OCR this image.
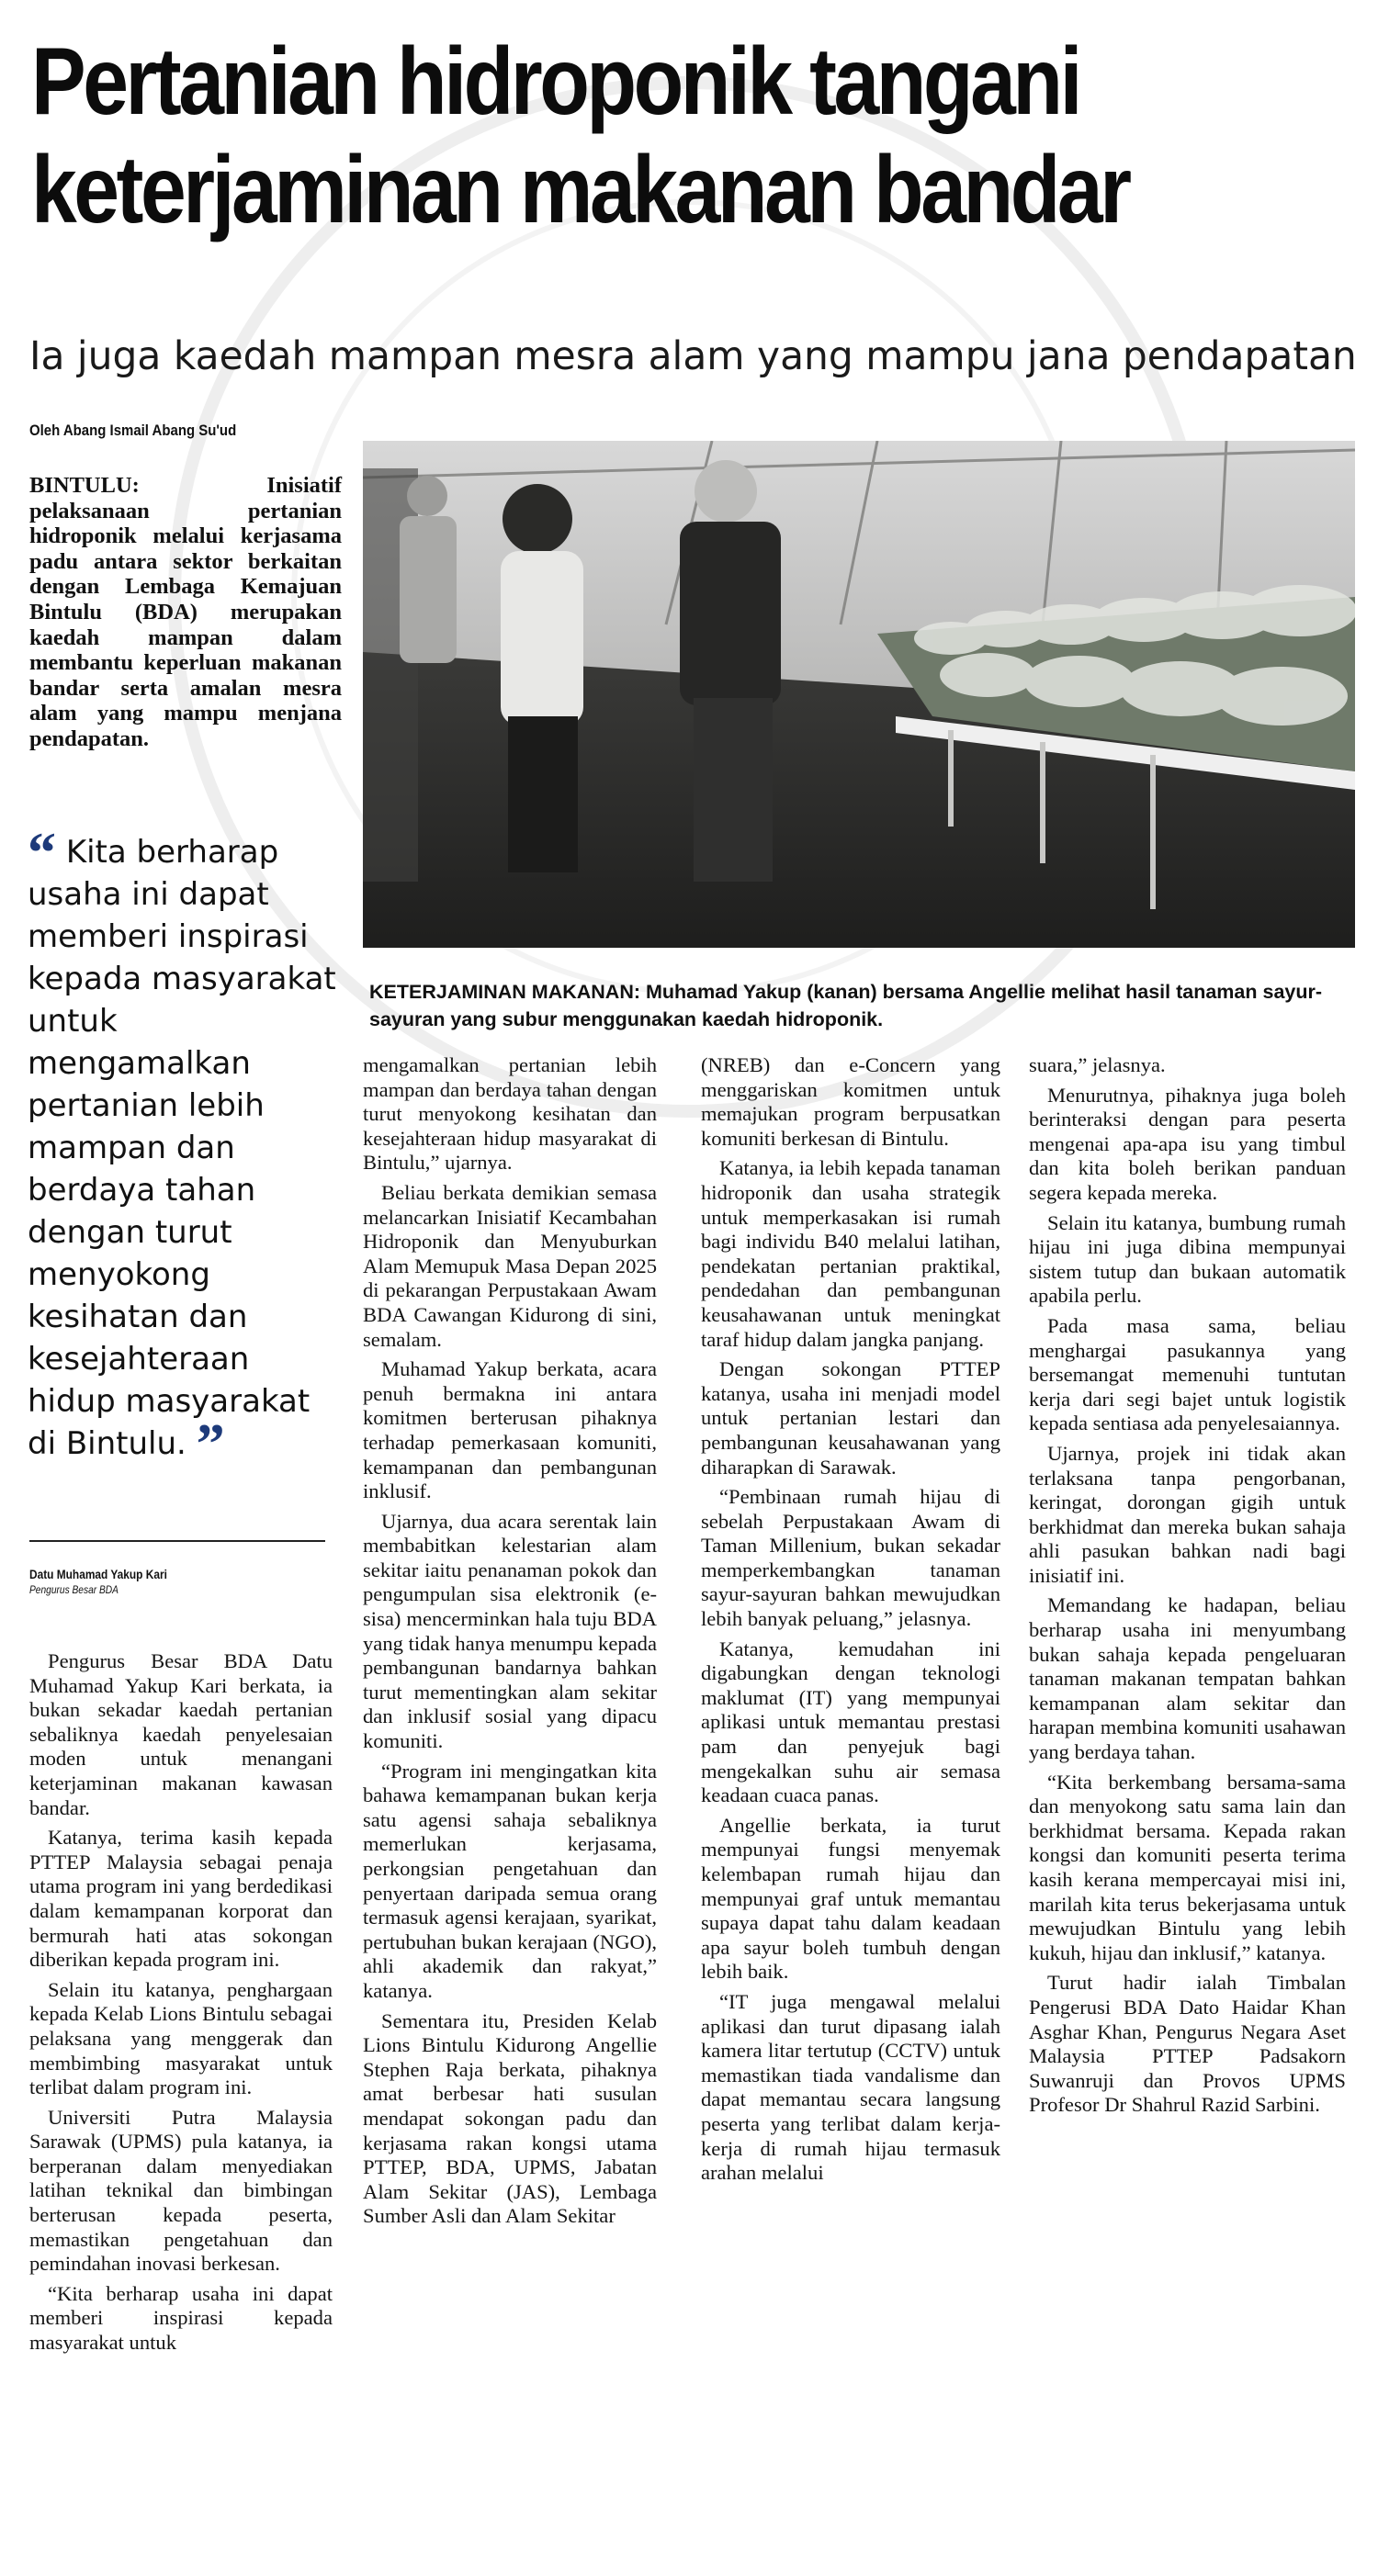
Pertanian hidroponik tangani
keterjaminan makanan bandar
Ia juga kaedah mampan mesra alam yang mampu jana pendapatan
Oleh Abang Ismail Abang Su'ud
BINTULU: Inisiatif pelaksanaan pertanian hidroponik melalui kerjasama padu antara sektor berkaitan dengan Lembaga Kemajuan Bintulu (BDA) merupakan kaedah mampan dalam membantu keperluan makanan bandar serta amalan mesra alam yang mampu menjana pendapatan.
KETERJAMINAN MAKANAN: Muhamad Yakup (kanan) bersama Angellie melihat hasil tanaman sayur-sayuran yang subur menggunakan kaedah hidroponik.
“ Kita berharap usaha ini dapat memberi inspirasi kepada masyarakat untuk mengamalkan pertanian lebih mampan dan berdaya tahan dengan turut menyokong kesihatan dan kesejahteraan hidup masyarakat di Bintulu. ”
Datu Muhamad Yakup Kari
Pengurus Besar BDA

Pengurus Besar BDA Datu Muhamad Yakup Kari berkata, ia bukan sekadar kaedah pertanian sebaliknya kaedah penyelesaian moden untuk menangani keterjaminan makanan kawasan bandar.

Katanya, terima kasih kepada PTTEP Malaysia sebagai penaja utama program ini yang berdedikasi dalam kemampanan korporat dan bermurah hati atas sokongan diberikan kepada program ini.

Selain itu katanya, penghargaan kepada Kelab Lions Bintulu sebagai pelaksana yang menggerak dan membimbing masyarakat untuk terlibat dalam program ini.

Universiti Putra Malaysia Sarawak (UPMS) pula katanya, ia berperanan dalam menyediakan latihan teknikal dan bimbingan berterusan kepada peserta, memastikan pengetahuan dan pemindahan inovasi berkesan.

“Kita berharap usaha ini dapat memberi inspirasi kepada masyarakat untuk

mengamalkan pertanian lebih mampan dan berdaya tahan dengan turut menyokong kesihatan dan kesejahteraan hidup masyarakat di Bintulu,” ujarnya.

Beliau berkata demikian semasa melancarkan Inisiatif Kecambahan Hidroponik dan Menyuburkan Alam Memupuk Masa Depan 2025 di pekarangan Perpustakaan Awam BDA Cawangan Kidurong di sini, semalam.

Muhamad Yakup berkata, acara penuh bermakna ini antara komitmen berterusan pihaknya terhadap pemerkasaan komuniti, kemampanan dan pembangunan inklusif.

Ujarnya, dua acara serentak lain membabitkan kelestarian alam sekitar iaitu penanaman pokok dan pengumpulan sisa elektronik (e-sisa) mencerminkan hala tuju BDA yang tidak hanya menumpu kepada pembangunan bandarnya bahkan turut mementingkan alam sekitar dan inklusif sosial yang dipacu komuniti.

“Program ini mengingatkan kita bahawa kemampanan bukan kerja satu agensi sahaja sebaliknya memerlukan kerjasama, perkongsian pengetahuan dan penyertaan daripada semua orang termasuk agensi kerajaan, syarikat, pertubuhan bukan kerajaan (NGO), ahli akademik dan rakyat,” katanya.

Sementara itu, Presiden Kelab Lions Bintulu Kidurong Angellie Stephen Raja berkata, pihaknya amat berbesar hati susulan mendapat sokongan padu dan kerjasama rakan kongsi utama PTTEP, BDA, UPMS, Jabatan Alam Sekitar (JAS), Lembaga Sumber Asli dan Alam Sekitar

(NREB) dan e-Concern yang menggariskan komitmen untuk memajukan program berpusatkan komuniti berkesan di Bintulu.

Katanya, ia lebih kepada tanaman hidroponik dan usaha strategik untuk memperkasakan isi rumah bagi individu B40 melalui latihan, pendekatan pertanian praktikal, pendedahan dan pembangunan keusahawanan untuk meningkat taraf hidup dalam jangka panjang.

Dengan sokongan PTTEP katanya, usaha ini menjadi model untuk pertanian lestari dan pembangunan keusahawanan yang diharapkan di Sarawak.

“Pembinaan rumah hijau di sebelah Perpustakaan Awam di Taman Millenium, bukan sekadar memperkembangkan tanaman sayur-sayuran bahkan mewujudkan lebih banyak peluang,” jelasnya.

Katanya, kemudahan ini digabungkan dengan teknologi maklumat (IT) yang mempunyai aplikasi untuk memantau prestasi pam dan penyejuk bagi mengekalkan suhu air semasa keadaan cuaca panas.

Angellie berkata, ia turut mempunyai fungsi menyemak kelembapan rumah hijau dan mempunyai graf untuk memantau supaya dapat tahu dalam keadaan apa sayur boleh tumbuh dengan lebih baik.

“IT juga mengawal melalui aplikasi dan turut dipasang ialah kamera litar tertutup (CCTV) untuk memastikan tiada vandalisme dan dapat memantau secara langsung peserta yang terlibat dalam kerja-kerja di rumah hijau termasuk arahan melalui

suara,” jelasnya.

Menurutnya, pihaknya juga boleh berinteraksi dengan para peserta mengenai apa-apa isu yang timbul dan kita boleh berikan panduan segera kepada mereka.

Selain itu katanya, bumbung rumah hijau ini juga dibina mempunyai sistem tutup dan bukaan automatik apabila perlu.

Pada masa sama, beliau menghargai pasukannya yang bersemangat memenuhi tuntutan kerja dari segi bajet untuk logistik kepada sentiasa ada penyelesaiannya.

Ujarnya, projek ini tidak akan terlaksana tanpa pengorbanan, keringat, dorongan gigih untuk berkhidmat dan mereka bukan sahaja ahli pasukan bahkan nadi bagi inisiatif ini.

Memandang ke hadapan, beliau berharap usaha ini menyumbang bukan sahaja kepada pengeluaran tanaman makanan tempatan bahkan kemampanan alam sekitar dan harapan membina komuniti usahawan yang berdaya tahan.

“Kita berkembang bersama-sama dan menyokong satu sama lain dan berkhidmat bersama. Kepada rakan kongsi dan komuniti peserta terima kasih kerana mempercayai misi ini, marilah kita terus bekerjasama untuk mewujudkan Bintulu yang lebih kukuh, hijau dan inklusif,” katanya.

Turut hadir ialah Timbalan Pengerusi BDA Dato Haidar Khan Asghar Khan, Pengurus Negara Aset Malaysia PTTEP Padsakorn Suwanruji dan Provos UPMS Profesor Dr Shahrul Razid Sarbini.
